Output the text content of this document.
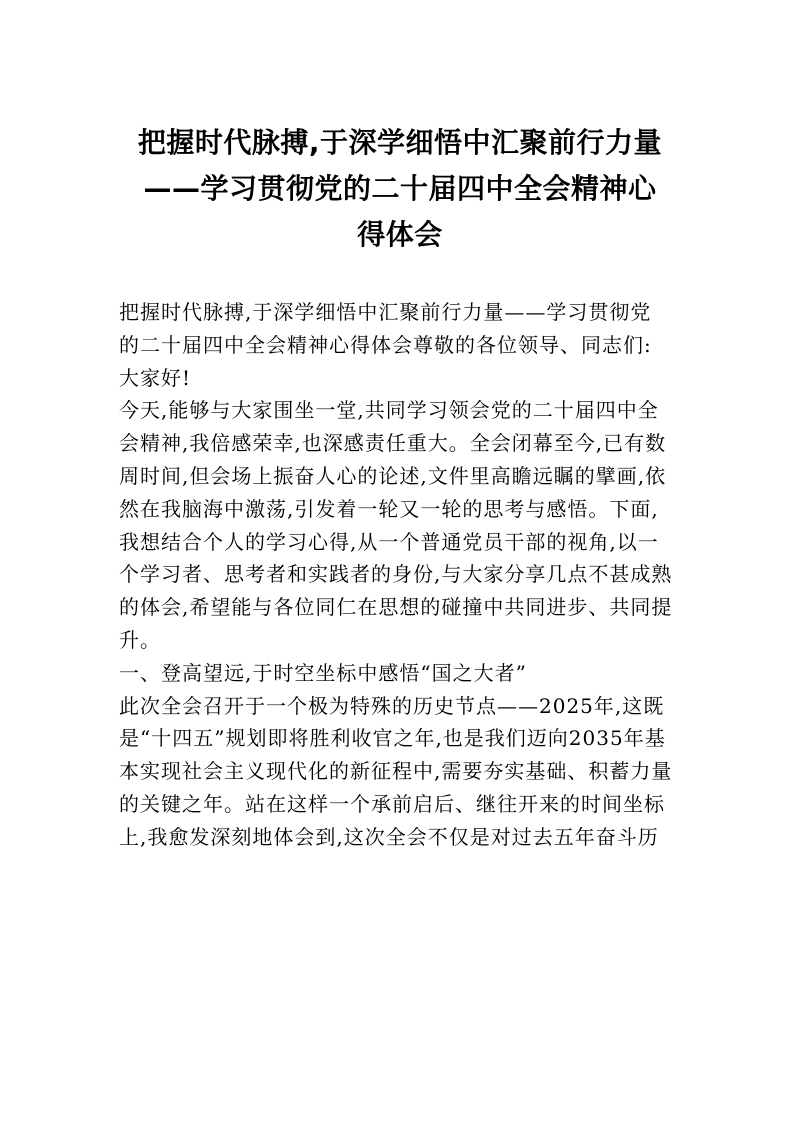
把握时代脉搏,于深学细悟中汇聚前行力量
——学习贯彻党的二十届四中全会精神心
得体会
把握时代脉搏,于深学细悟中汇聚前行力量——学习贯彻党
的二十届四中全会精神心得体会尊敬的各位领导、同志们:
大家好!
今天,能够与大家围坐一堂,共同学习领会党的二十届四中全
会精神,我倍感荣幸,也深感责任重大。全会闭幕至今,已有数
周时间,但会场上振奋人心的论述,文件里高瞻远瞩的擘画,依
然在我脑海中激荡,引发着一轮又一轮的思考与感悟。下面,
我想结合个人的学习心得,从一个普通党员干部的视角,以一
个学习者、思考者和实践者的身份,与大家分享几点不甚成熟
的体会,希望能与各位同仁在思想的碰撞中共同进步、共同提
升。
一、登高望远,于时空坐标中感悟“国之大者”
此次全会召开于一个极为特殊的历史节点——2025年,这既
是“十四五”规划即将胜利收官之年,也是我们迈向2035年基
本实现社会主义现代化的新征程中,需要夯实基础、积蓄力量
的关键之年。站在这样一个承前启后、继往开来的时间坐标
上,我愈发深刻地体会到,这次全会不仅是对过去五年奋斗历
